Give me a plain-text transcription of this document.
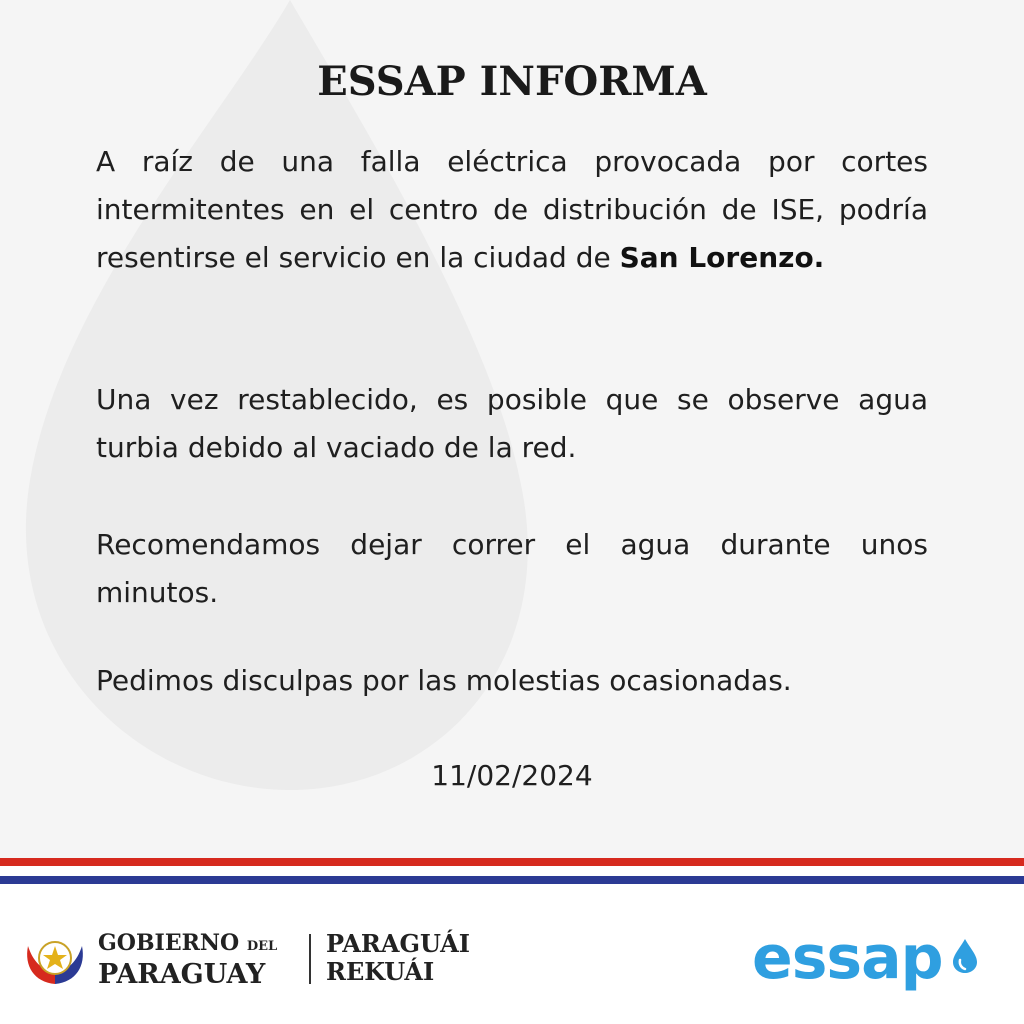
ESSAP INFORMA

A raíz de una falla eléctrica provocada por cortes intermitentes en el centro de distribución de ISE, podría resentirse el servicio en la ciudad de San Lorenzo.

Una vez restablecido, es posible que se observe agua turbia debido al vaciado de la red.

Recomendamos dejar correr el agua durante unos minutos.

Pedimos disculpas por las molestias ocasionadas.

11/02/2024

GOBIERNO DEL
PARAGUAY
PARAGUÁI
REKUÁI	essap
